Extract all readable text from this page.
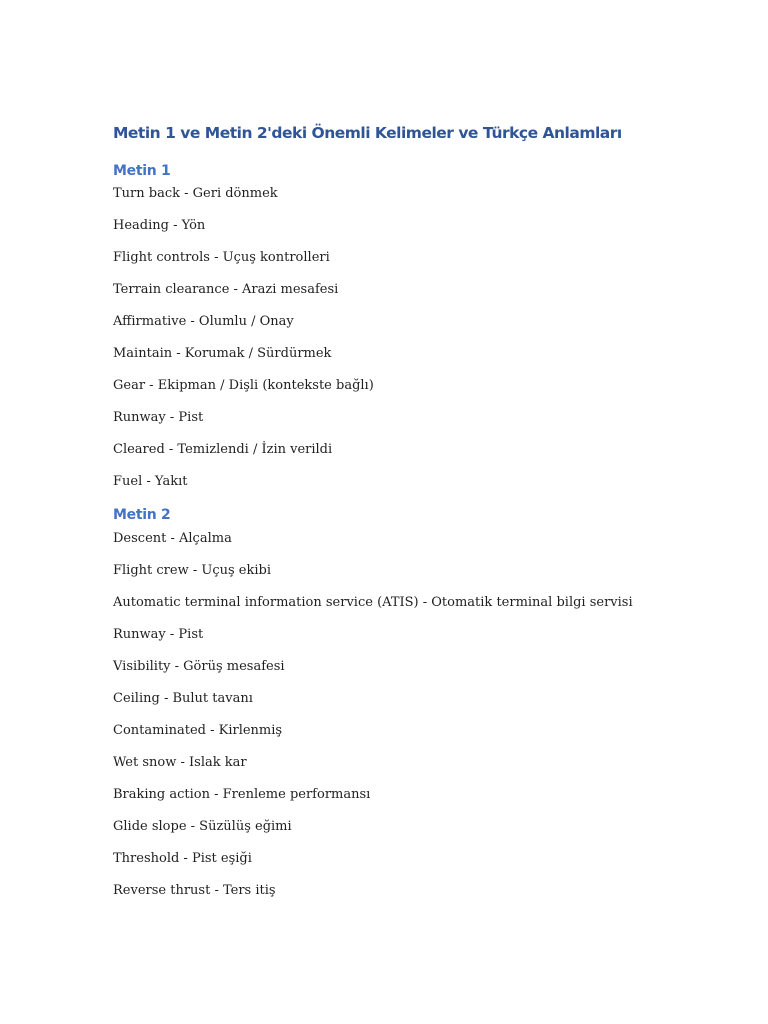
Metin 1 ve Metin 2'deki Önemli Kelimeler ve Türkçe Anlamları
Metin 1
Turn back - Geri dönmek
Heading - Yön
Flight controls - Uçuş kontrolleri
Terrain clearance - Arazi mesafesi
Affirmative - Olumlu / Onay
Maintain - Korumak / Sürdürmek
Gear - Ekipman / Dişli (kontekste bağlı)
Runway - Pist
Cleared - Temizlendi / İzin verildi
Fuel - Yakıt
Metin 2
Descent - Alçalma
Flight crew - Uçuş ekibi
Automatic terminal information service (ATIS) - Otomatik terminal bilgi servisi
Runway - Pist
Visibility - Görüş mesafesi
Ceiling - Bulut tavanı
Contaminated - Kirlenmiş
Wet snow - Islak kar
Braking action - Frenleme performansı
Glide slope - Süzülüş eğimi
Threshold - Pist eşiği
Reverse thrust - Ters itiş
